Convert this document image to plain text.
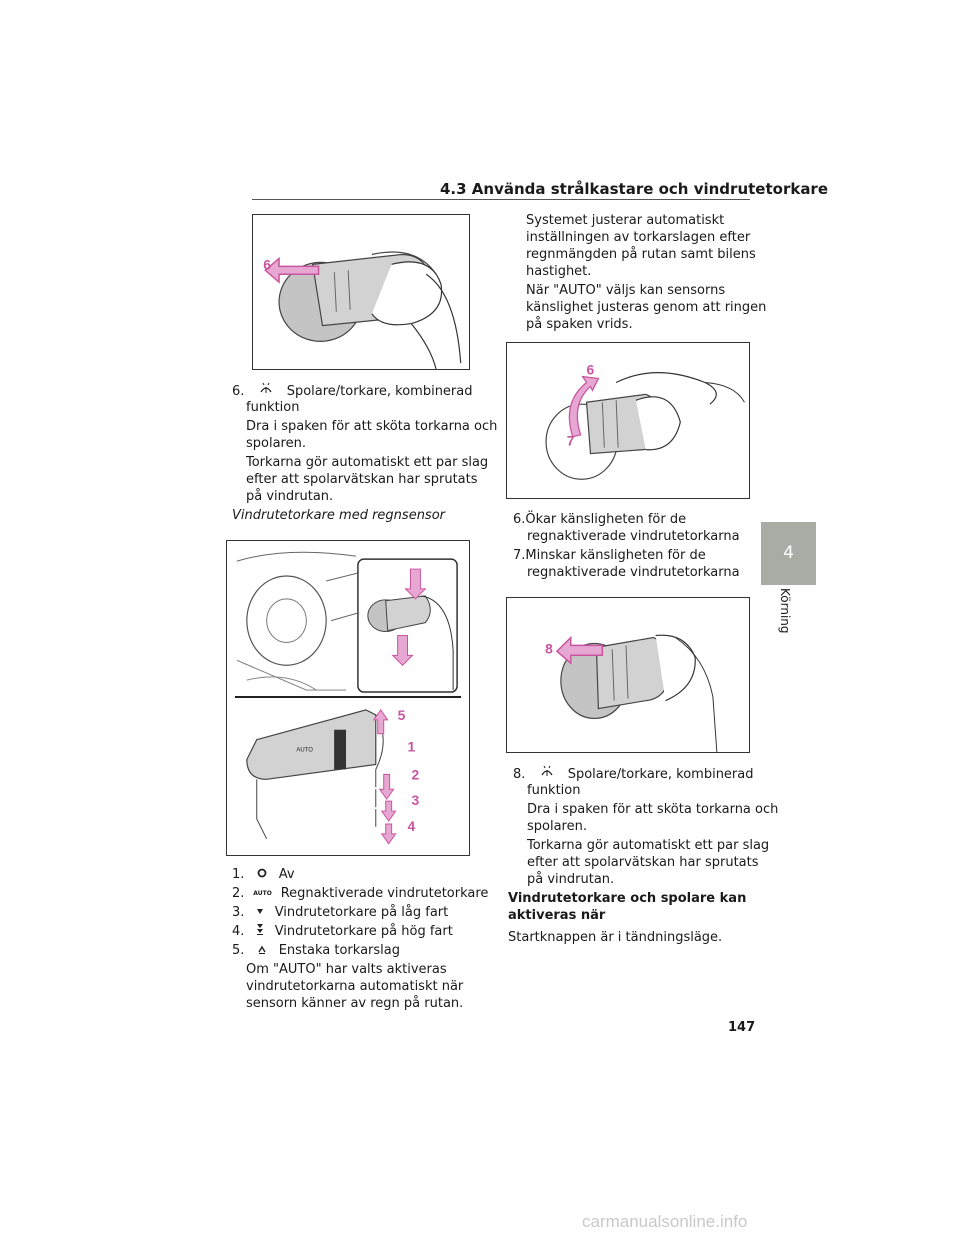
4.3 Använda strålkastare och vindrutetorkare
6
6.	Spolare/torkare, kombinerad
funktion
Dra i spaken för att sköta torkarna och
spolaren.
Torkarna gör automatiskt ett par slag
efter att spolarvätskan har sprutats
på vindrutan.
Vindrutetorkare med regnsensor
AUTO
5
1
2
3
4
1.	Av
2. AUTO Regnaktiverade vindrutetorkare
3. Vindrutetorkare på låg fart
4. Vindrutetorkare på hög fart
5.	Enstaka torkarslag
Om "AUTO" har valts aktiveras
vindrutetorkarna automatiskt när
sensorn känner av regn på rutan.
Systemet justerar automatiskt
inställningen av torkarslagen efter
regnmängden på rutan samt bilens
hastighet.
När "AUTO" väljs kan sensorns
känslighet justeras genom att ringen
på spaken vrids.
6
7
6.Ökar känsligheten för de
regnaktiverade vindrutetorkarna
7.Minskar känsligheten för de
regnaktiverade vindrutetorkarna
8
8.	Spolare/torkare, kombinerad
funktion
Dra i spaken för att sköta torkarna och
spolaren.
Torkarna gör automatiskt ett par slag
efter att spolarvätskan har sprutats
på vindrutan.
Vindrutetorkare och spolare kan
aktiveras när
Startknappen är i tändningsläge.
4
Körning
147
carmanualsonline.info
